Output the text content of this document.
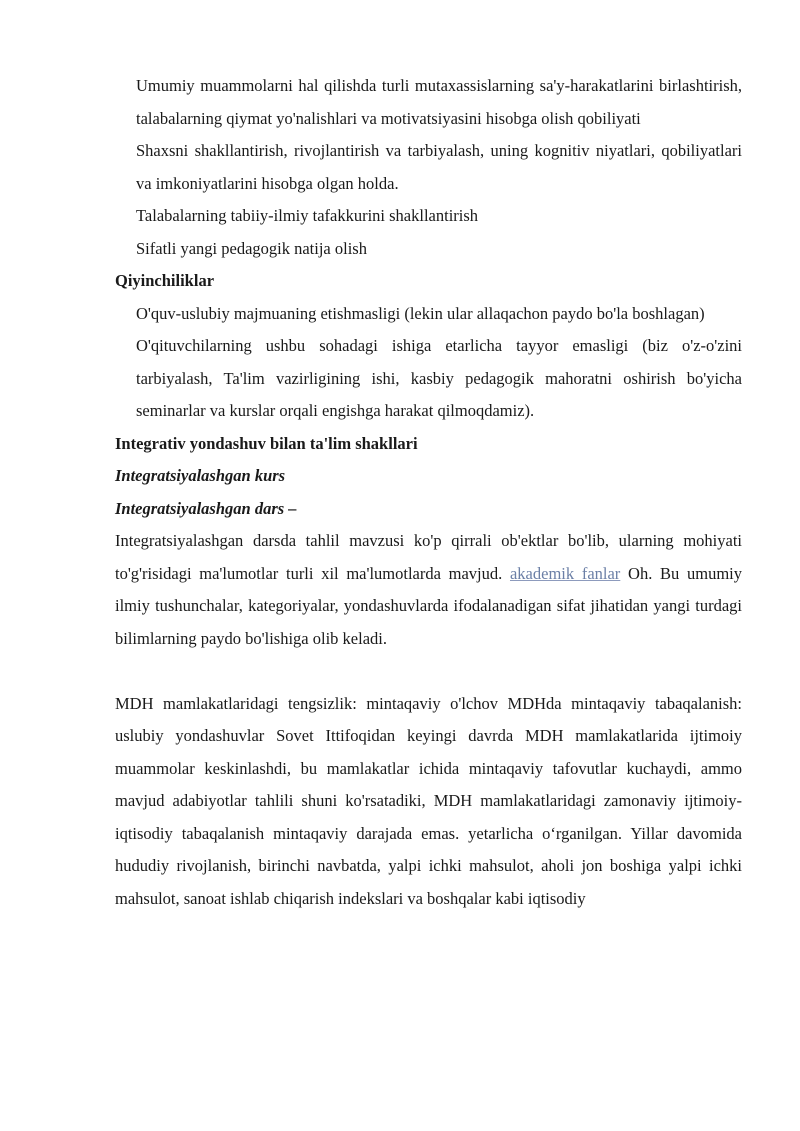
Umumiy muammolarni hal qilishda turli mutaxassislarning sa'y-harakatlarini birlashtirish, talabalarning qiymat yo'nalishlari va motivatsiyasini hisobga olish qobiliyati

Shaxsni shakllantirish, rivojlantirish va tarbiyalash, uning kognitiv niyatlari, qobiliyatlari va imkoniyatlarini hisobga olgan holda.

Talabalarning tabiiy-ilmiy tafakkurini shakllantirish

Sifatli yangi pedagogik natija olish

Qiyinchiliklar

O'quv-uslubiy majmuaning etishmasligi (lekin ular allaqachon paydo bo'la boshlagan)

O'qituvchilarning ushbu sohadagi ishiga etarlicha tayyor emasligi (biz o'z-o'zini tarbiyalash, Ta'lim vazirligining ishi, kasbiy pedagogik mahoratni oshirish bo'yicha seminarlar va kurslar orqali engishga harakat qilmoqdamiz).

Integrativ yondashuv bilan ta'lim shakllari

Integratsiyalashgan kurs

Integratsiyalashgan dars –

Integratsiyalashgan darsda tahlil mavzusi ko'p qirrali ob'ektlar bo'lib, ularning mohiyati to'g'risidagi ma'lumotlar turli xil ma'lumotlarda mavjud. akademik fanlar Oh. Bu umumiy ilmiy tushunchalar, kategoriyalar, yondashuvlarda ifodalanadigan sifat jihatidan yangi turdagi bilimlarning paydo bo'lishiga olib keladi.

MDH mamlakatlaridagi tengsizlik: mintaqaviy o'lchov MDHda mintaqaviy tabaqalanish: uslubiy yondashuvlar Sovet Ittifoqidan keyingi davrda MDH mamlakatlarida ijtimoiy muammolar keskinlashdi, bu mamlakatlar ichida mintaqaviy tafovutlar kuchaydi, ammo mavjud adabiyotlar tahlili shuni ko'rsatadiki, MDH mamlakatlaridagi zamonaviy ijtimoiy-iqtisodiy tabaqalanish mintaqaviy darajada emas. yetarlicha o‘rganilgan. Yillar davomida hududiy rivojlanish, birinchi navbatda, yalpi ichki mahsulot, aholi jon boshiga yalpi ichki mahsulot, sanoat ishlab chiqarish indekslari va boshqalar kabi iqtisodiy
